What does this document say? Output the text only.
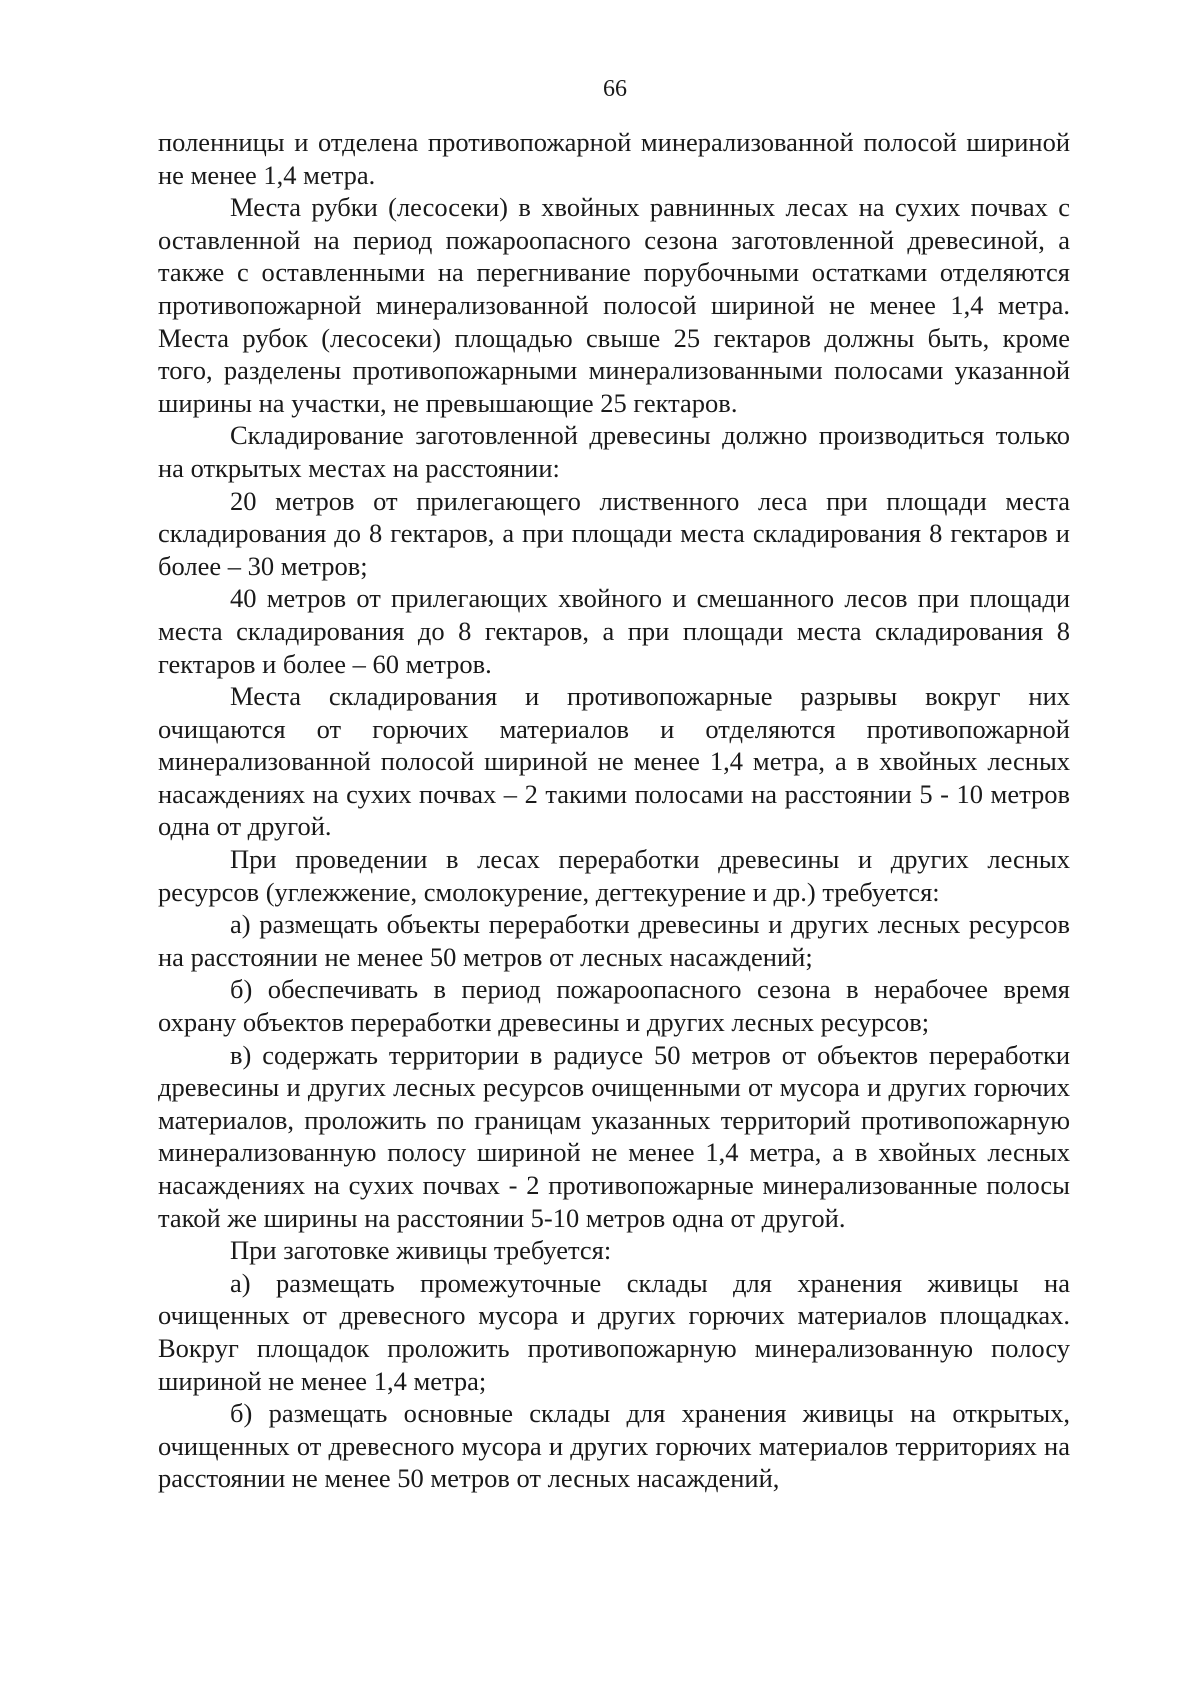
66

поленницы и отделена противопожарной минерализованной полосой шириной не менее 1,4 метра.

Места рубки (лесосеки) в хвойных равнинных лесах на сухих почвах с оставленной на период пожароопасного сезона заготовленной древесиной, а также с оставленными на перегнивание порубочными остатками отделяются противопожарной минерализованной полосой шириной не менее 1,4 метра. Места рубок (лесосеки) площадью свыше 25 гектаров должны быть, кроме того, разделены противопожарными минерализованными полосами указанной ширины на участки, не превышающие 25 гектаров.

Складирование заготовленной древесины должно производиться только на открытых местах на расстоянии:

20 метров от прилегающего лиственного леса при площади места складирования до 8 гектаров, а при площади места складирования 8 гектаров и более – 30 метров;

40 метров от прилегающих хвойного и смешанного лесов при площади места складирования до 8 гектаров, а при площади места складирования 8 гектаров и более – 60 метров.

Места складирования и противопожарные разрывы вокруг них очищаются от горючих материалов и отделяются противопожарной минерализованной полосой шириной не менее 1,4 метра, а в хвойных лесных насаждениях на сухих почвах – 2 такими полосами на расстоянии 5 - 10 метров одна от другой.

При проведении в лесах переработки древесины и других лесных ресурсов (углежжение, смолокурение, дегтекурение и др.) требуется:

а) размещать объекты переработки древесины и других лесных ресурсов на расстоянии не менее 50 метров от лесных насаждений;

б) обеспечивать в период пожароопасного сезона в нерабочее время охрану объектов переработки древесины и других лесных ресурсов;

в) содержать территории в радиусе 50 метров от объектов переработки древесины и других лесных ресурсов очищенными от мусора и других горючих материалов, проложить по границам указанных территорий противопожарную минерализованную полосу шириной не менее 1,4 метра, а в хвойных лесных насаждениях на сухих почвах - 2 противопожарные минерализованные полосы такой же ширины на расстоянии 5-10 метров одна от другой.

При заготовке живицы требуется:

а) размещать промежуточные склады для хранения живицы на очищенных от древесного мусора и других горючих материалов площадках. Вокруг площадок проложить противопожарную минерализованную полосу шириной не менее 1,4 метра;

б) размещать основные склады для хранения живицы на открытых, очищенных от древесного мусора и других горючих материалов территориях на расстоянии не менее 50 метров от лесных насаждений,
